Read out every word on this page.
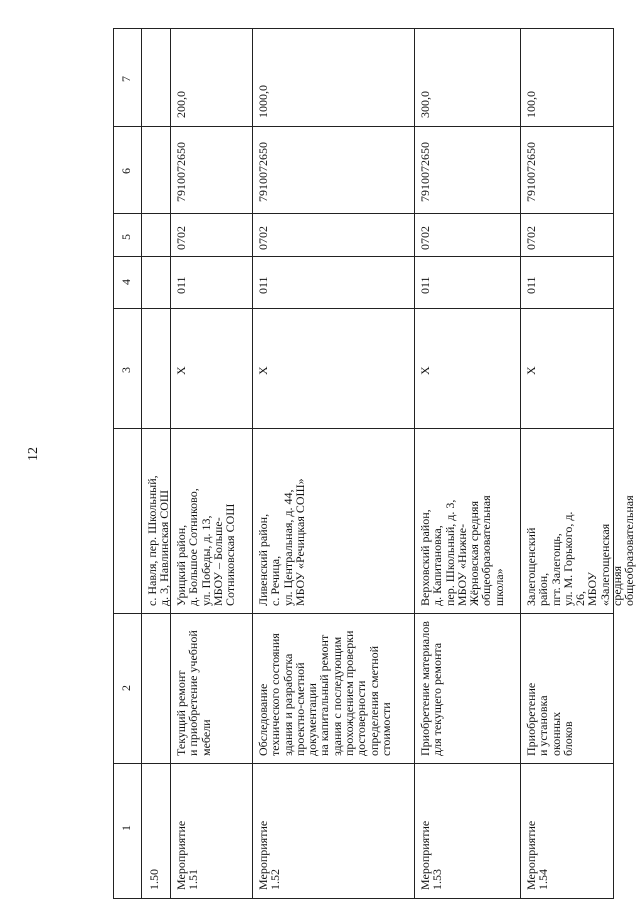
12
1
2
3
4
5
6
7
1.50
с. Навля, пер. Школьный,
д. 3, Навлинская СОШ
Мероприятие
1.51
Текущий ремонт
и приобретение учебной
мебели
Урицкий район,
д. Большое Сотниково,
ул. Победы, д. 13,
МБОУ – Больше-
Сотниковская СОШ
Х
011
0702
7910072650
200,0
Мероприятие
1.52
Обследование
технического состояния
здания и разработка
проектно-сметной
документации
на капитальный ремонт
здания с последующим
прохождением проверки
достоверности
определения сметной
стоимости
Ливенский район,
с. Речица,
ул. Центральная, д. 44,
МБОУ «Речицкая СОШ»
Х
011
0702
7910072650
1000,0
Мероприятие
1.53
Приобретение материалов
для текущего ремонта
Верховский район,
д. Капитановка,
пер. Школьный, д. 3,
МБОУ «Нижне-
Жёрновская средняя
общеобразовательная
школа»
Х
011
0702
7910072650
300,0
Мероприятие
1.54
Приобретение
и установка оконных
блоков
Залегощенский район,
пгт. Залегощь,
ул. М. Горького, д. 26,
МБОУ «Залегощенская
средняя
общеобразовательная
Х
011
0702
7910072650
100,0
